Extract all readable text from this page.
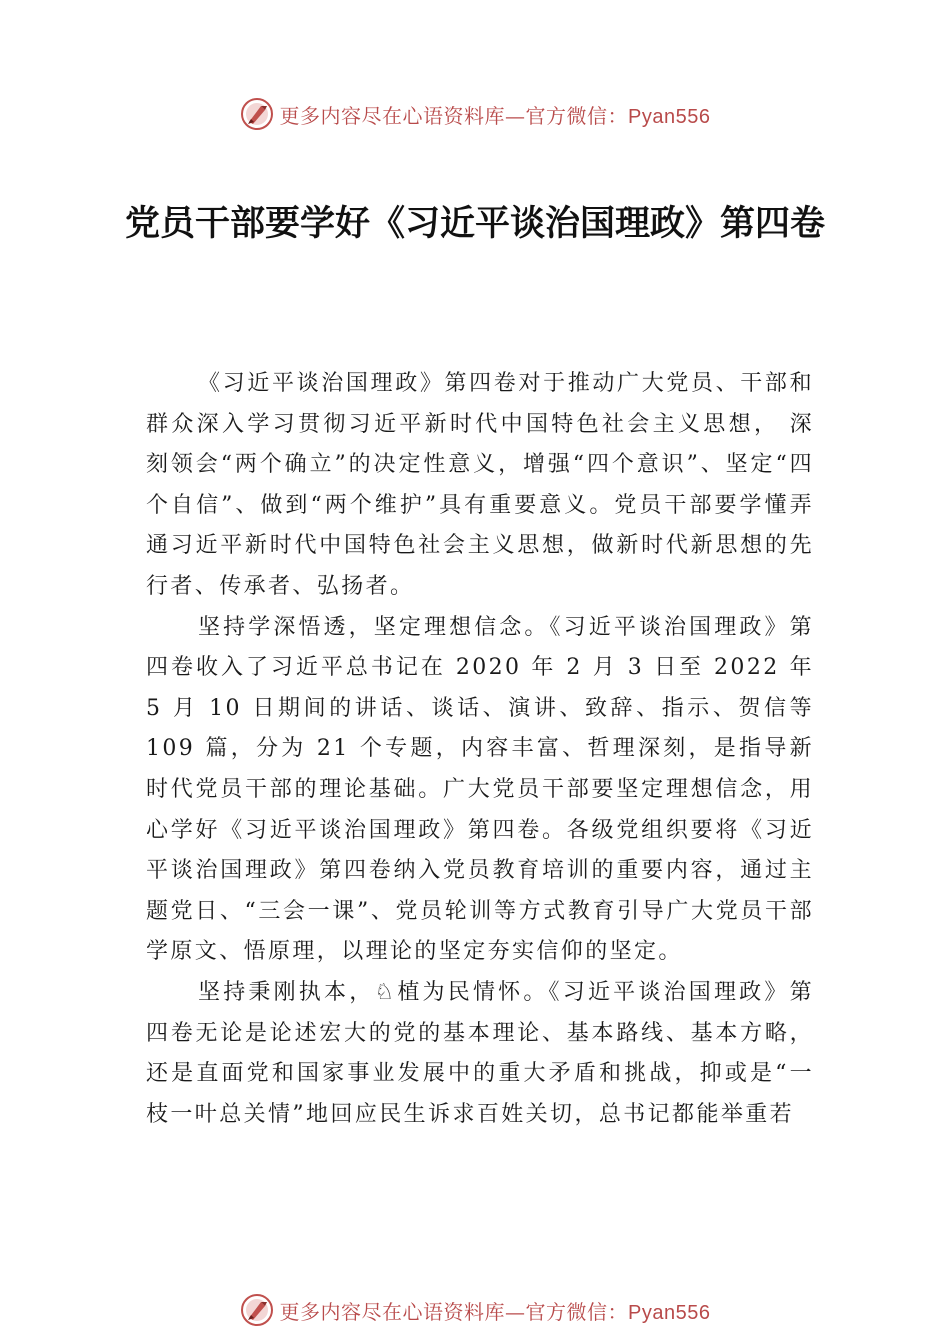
更多内容尽在心语资料库—官方微信：Pyan556
党员干部要学好《习近平谈治国理政》第四卷

《习近平谈治国理政》第四卷对于推动广大党员、干部和群众深入学习贯彻习近平新时代中国特色社会主义思想， 深刻领会“两个确立”的决定性意义，增强“四个意识”、坚定“四个自信”、做到“两个维护”具有重要意义。党员干部要学懂弄通习近平新时代中国特色社会主义思想，做新时代新思想的先行者、传承者、弘扬者。

坚持学深悟透，坚定理想信念。《习近平谈治国理政》第四卷收入了习近平总书记在 2020 年 2 月 3 日至 2022 年 5 月 10 日期间的讲话、谈话、演讲、致辞、指示、贺信等 109 篇，分为 21 个专题，内容丰富、哲理深刻，是指导新时代党员干部的理论基础。广大党员干部要坚定理想信念，用心学好《习近平谈治国理政》第四卷。各级党组织要将《习近平谈治国理政》第四卷纳入党员教育培训的重要内容，通过主题党日、“三会一课”、党员轮训等方式教育引导广大党员干部学原文、悟原理，以理论的坚定夯实信仰的坚定。

坚持秉刚执本，♘植为民情怀。《习近平谈治国理政》第四卷无论是论述宏大的党的基本理论、基本路线、基本方略， 还是直面党和国家事业发展中的重大矛盾和挑战，抑或是“一枝一叶总关情”地回应民生诉求百姓关切，总书记都能举重若

更多内容尽在心语资料库—官方微信：Pyan556
